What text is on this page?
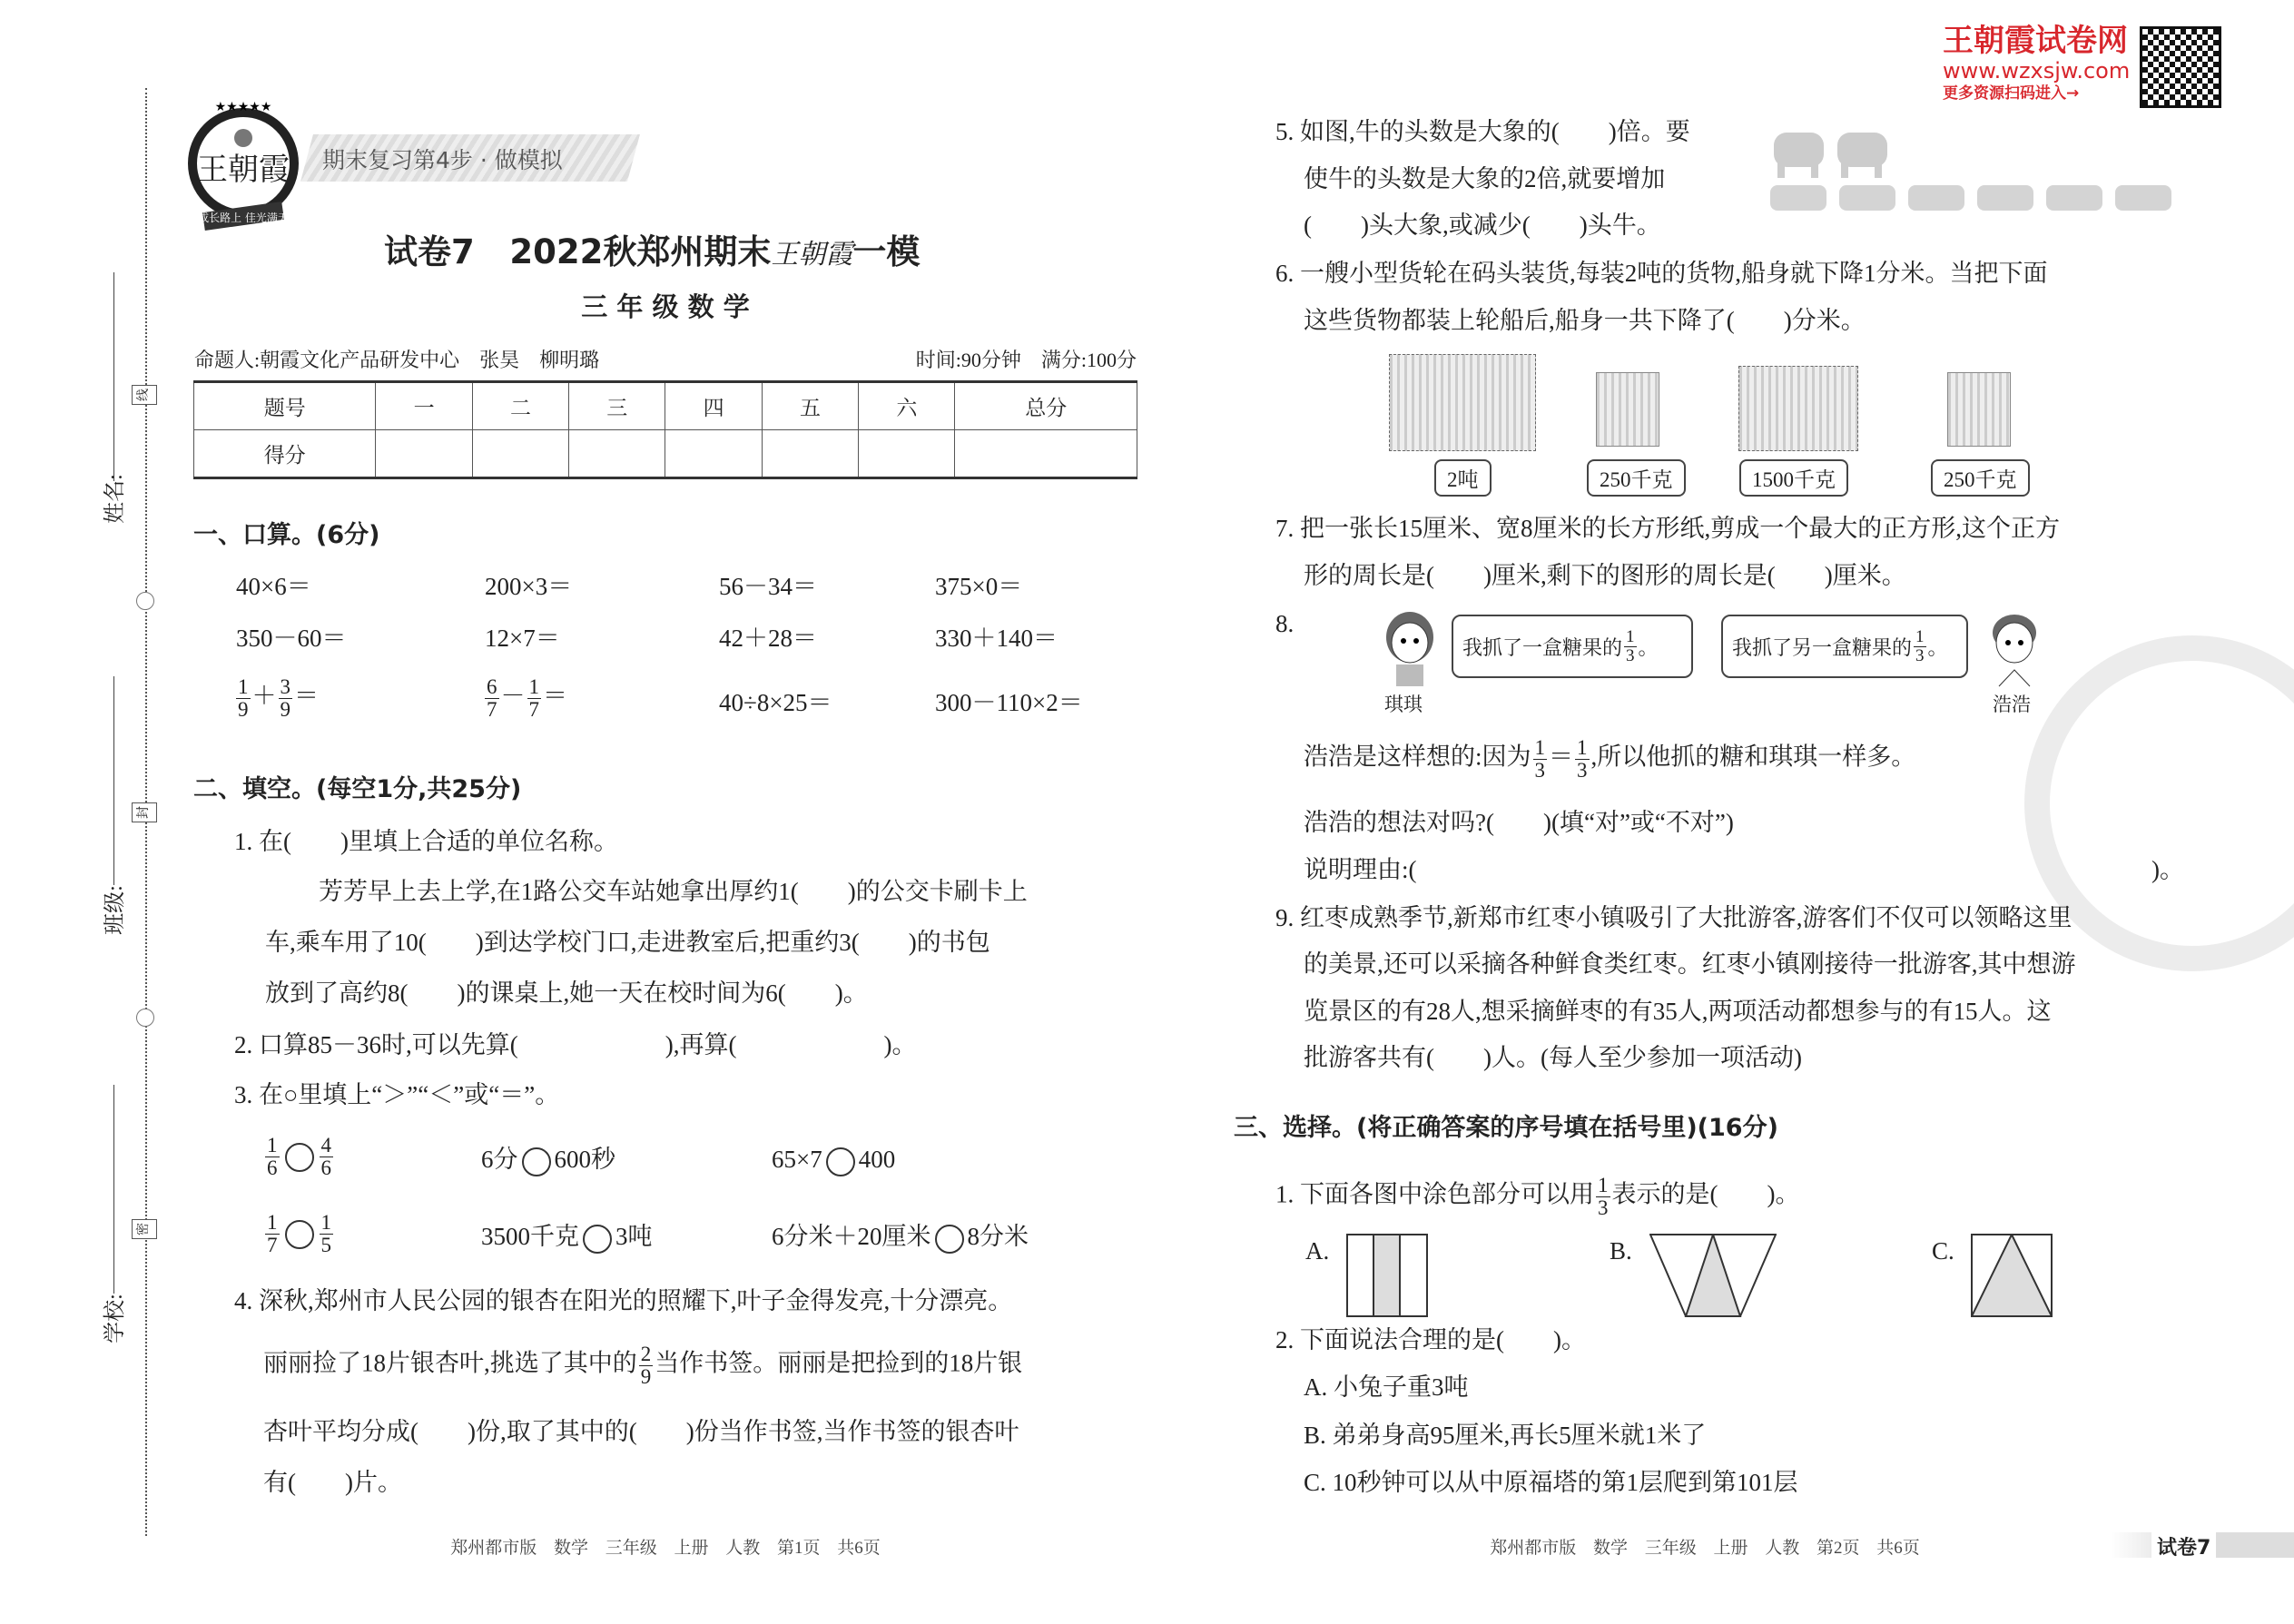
姓名:
班级:
学校:
线
封
密
期末复习第4步 · 做模拟
王朝霞
成长路上 佳光满天
★★★★★
试卷7 2022秋郑州期末王朝霞一模
三 年 级 数 学
命题人:朝霞文化产品研发中心　张昊　柳明璐	时间:90分钟　满分:100分
题号	一	二	三	四	五	六	总分
得分							
一、口算。(6分)
40×6＝	200×3＝	56－34＝	375×0＝
350－60＝	12×7＝	42＋28＝	330＋140＝
$\frac{1}{9} + \frac{3}{9}$ ＝	$\frac{6}{7} - \frac{1}{7}$ ＝	40÷8×25＝	300－110×2＝
二、填空。(每空1分,共25分)
1. 在(　　)里填上合适的单位名称。
芳芳早上去上学,在1路公交车站她拿出厚约1(　　)的公交卡刷卡上
车,乘车用了10(　　)到达学校门口,走进教室后,把重约3(　　)的书包
放到了高约8(　　)的课桌上,她一天在校时间为6(　　)。
2. 口算85－36时,可以先算(　　　　　　),再算(　　　　　　)。
3. 在○里填上“＞”“＜”或“＝”。
$\frac{1}{6} \frac{4}{6}$	6分 600秒	65×7 400
$\frac{1}{7} \frac{1}{5}$	3500千克 3吨	6分米＋20厘米 8分米
4. 深秋,郑州市人民公园的银杏在阳光的照耀下,叶子金得发亮,十分漂亮。
丽丽捡了18片银杏叶,挑选了其中的 $\frac{2}{9}$ 当作书签。丽丽是把捡到的18片银
杏叶平均分成(　　)份,取了其中的(　　)份当作书签,当作书签的银杏叶
有(　　)片。
郑州都市版 数学 三年级 上册 人教 第1页 共6页
王朝霞试卷网
www.wzxsjw.com
更多资源扫码进入→
5. 如图,牛的头数是大象的(　　)倍。要
使牛的头数是大象的2倍,就要增加
(　　)头大象,或减少(　　)头牛。
6. 一艘小型货轮在码头装货,每装2吨的货物,船身就下降1分米。当把下面
这些货物都装上轮船后,船身一共下降了(　　)分米。
2吨	250千克	1500千克	250千克
7. 把一张长15厘米、宽8厘米的长方形纸,剪成一个最大的正方形,这个正方
形的周长是(　　)厘米,剩下的图形的周长是(　　)厘米。
8.
琪琪	浩浩
我抓了一盒糖果的 $\frac{1}{3}$ 。	我抓了另一盒糖果的 $\frac{1}{3}$ 。
浩浩是这样想的:因为 $\frac{1}{3} = \frac{1}{3}$ ,所以他抓的糖和琪琪一样多。
浩浩的想法对吗?(　　)(填“对”或“不对”)
说明理由:(	)。
9. 红枣成熟季节,新郑市红枣小镇吸引了大批游客,游客们不仅可以领略这里
的美景,还可以采摘各种鲜食类红枣。红枣小镇刚接待一批游客,其中想游
览景区的有28人,想采摘鲜枣的有35人,两项活动都想参与的有15人。这
批游客共有(　　)人。(每人至少参加一项活动)
三、选择。(将正确答案的序号填在括号里)(16分)
1. 下面各图中涂色部分可以用 $\frac{1}{3}$ 表示的是(　　)。
A.	B.	C.
2. 下面说法合理的是(　　)。
A. 小兔子重3吨
B. 弟弟身高95厘米,再长5厘米就1米了
C. 10秒钟可以从中原福塔的第1层爬到第101层
郑州都市版 数学 三年级 上册 人教 第2页 共6页	试卷7
